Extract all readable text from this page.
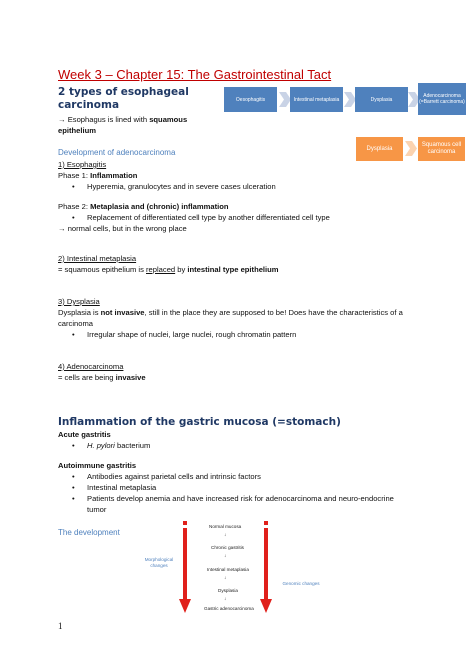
Week 3 – Chapter 15: The Gastrointestinal Tact
2 types of esophageal
carcinoma
→ Esophagus is lined with squamous
epithelium
Oesophagitis	Intestinal metaplasia	Dysplasia
Adenocarcinoma (=Barrett carcinoma)
Dysplasia
Squamous cell carcinoma
Development of adenocarcinoma
1) Esophagitis
Phase 1: Inflammation
• Hyperemia, granulocytes and in severe cases ulceration
Phase 2: Metaplasia and (chronic) inflammation
• Replacement of differentiated cell type by another differentiated cell type
→ normal cells, but in the wrong place
2) Intestinal metaplasia
= squamous epithelium is replaced by intestinal type epithelium
3) Dysplasia
Dysplasia is not invasive, still in the place they are supposed to be! Does have the characteristics of a
carcinoma
• Irregular shape of nuclei, large nuclei, rough chromatin pattern
4) Adenocarcinoma
= cells are being invasive
Inflammation of the gastric mucosa (=stomach)
Acute gastritis
• H. pylori bacterium
Autoimmune gastritis
• Antibodies against parietal cells and intrinsic factors
• Intestinal metaplasia
• Patients develop anemia and have increased risk for adenocarcinoma and neuro-endocrine
tumor
The development
Normal mucosa
↓
Chronic gastritis
↓
Intestinal metaplasia
↓
Dysplasia
↓
Gastric adenocarcinoma
Morphological changes
Genomic changes
1
